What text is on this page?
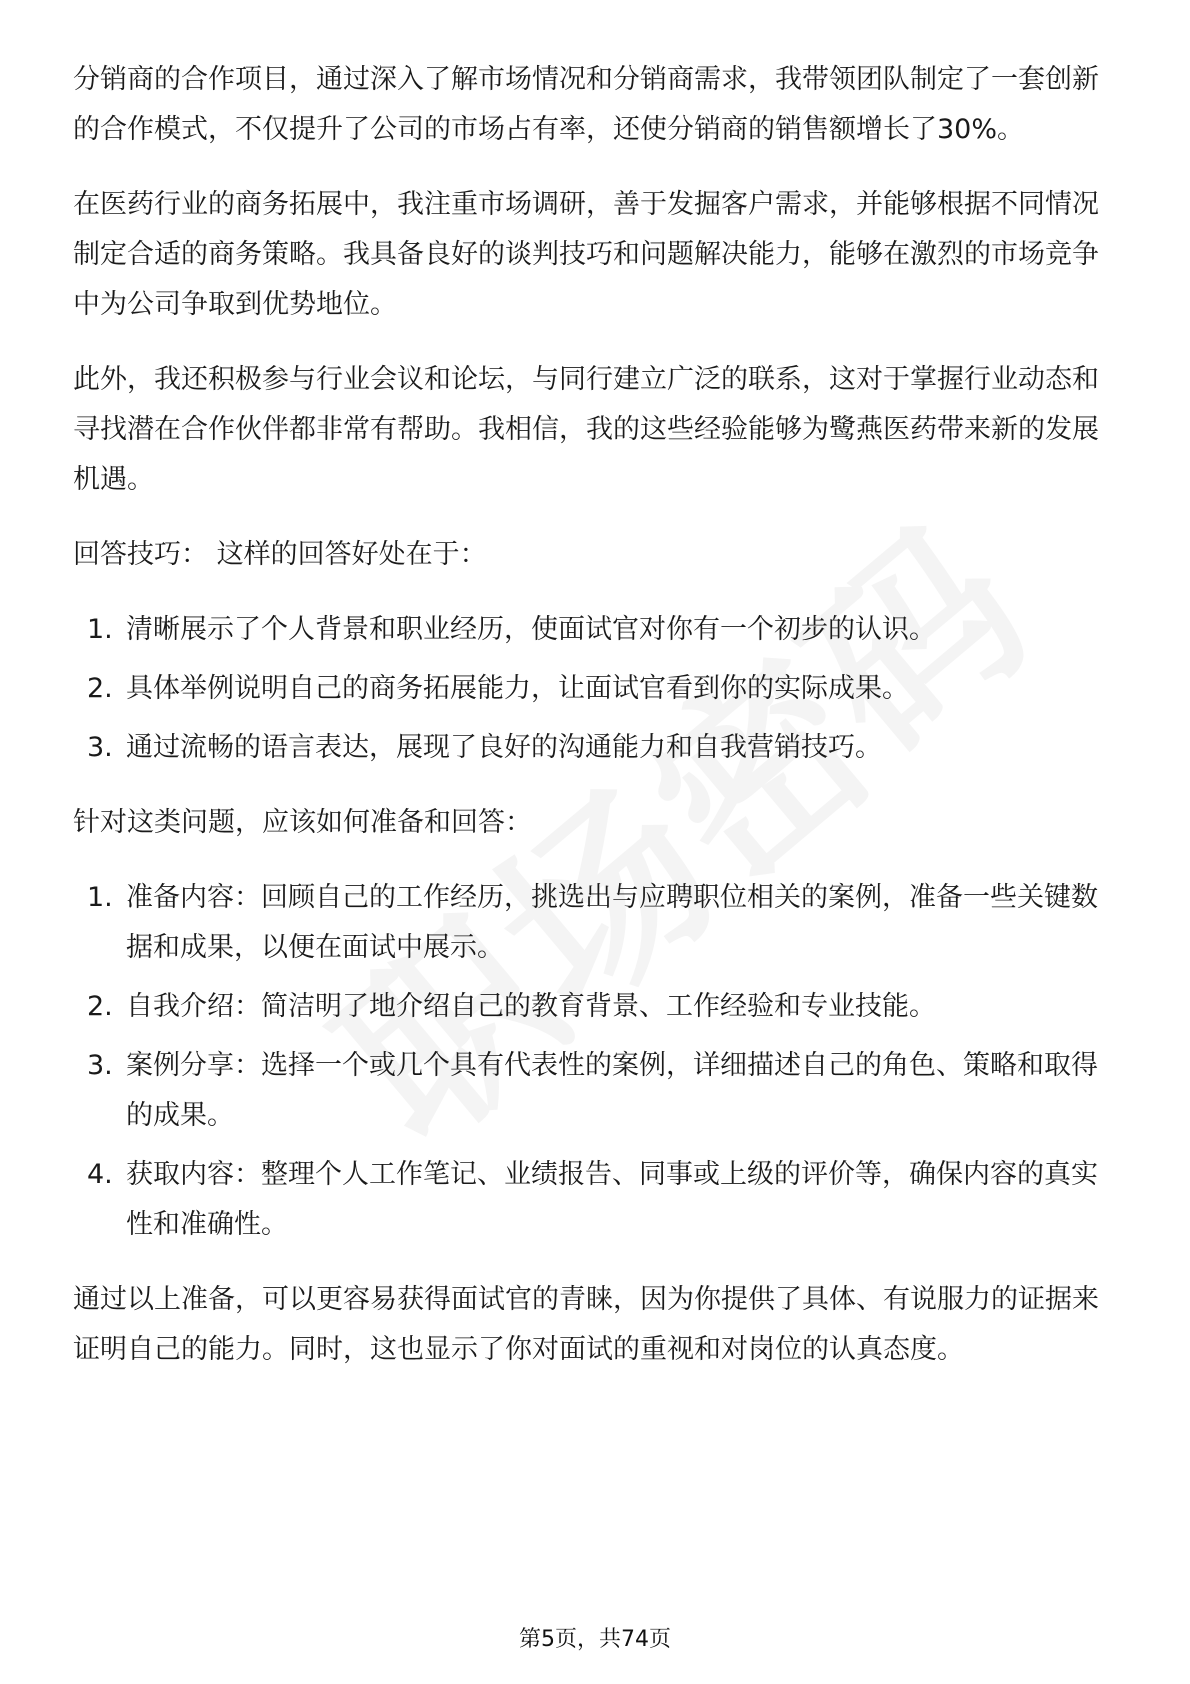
分销商的合作项目，通过深入了解市场情况和分销商需求，我带领团队制定了一套创新的合作模式，不仅提升了公司的市场占有率，还使分销商的销售额增长了30%。

在医药行业的商务拓展中，我注重市场调研，善于发掘客户需求，并能够根据不同情况制定合适的商务策略。我具备良好的谈判技巧和问题解决能力，能够在激烈的市场竞争中为公司争取到优势地位。

此外，我还积极参与行业会议和论坛，与同行建立广泛的联系，这对于掌握行业动态和寻找潜在合作伙伴都非常有帮助。我相信，我的这些经验能够为鹭燕医药带来新的发展机遇。

回答技巧： 这样的回答好处在于：

1. 清晰展示了个人背景和职业经历，使面试官对你有一个初步的认识。
2. 具体举例说明自己的商务拓展能力，让面试官看到你的实际成果。
3. 通过流畅的语言表达，展现了良好的沟通能力和自我营销技巧。

针对这类问题，应该如何准备和回答：

1. 准备内容：回顾自己的工作经历，挑选出与应聘职位相关的案例，准备一些关键数据和成果，以便在面试中展示。
2. 自我介绍：简洁明了地介绍自己的教育背景、工作经验和专业技能。
3. 案例分享：选择一个或几个具有代表性的案例，详细描述自己的角色、策略和取得的成果。
4. 获取内容：整理个人工作笔记、业绩报告、同事或上级的评价等，确保内容的真实性和准确性。

通过以上准备，可以更容易获得面试官的青睐，因为你提供了具体、有说服力的证据来证明自己的能力。同时，这也显示了你对面试的重视和对岗位的认真态度。

第5页，共74页
